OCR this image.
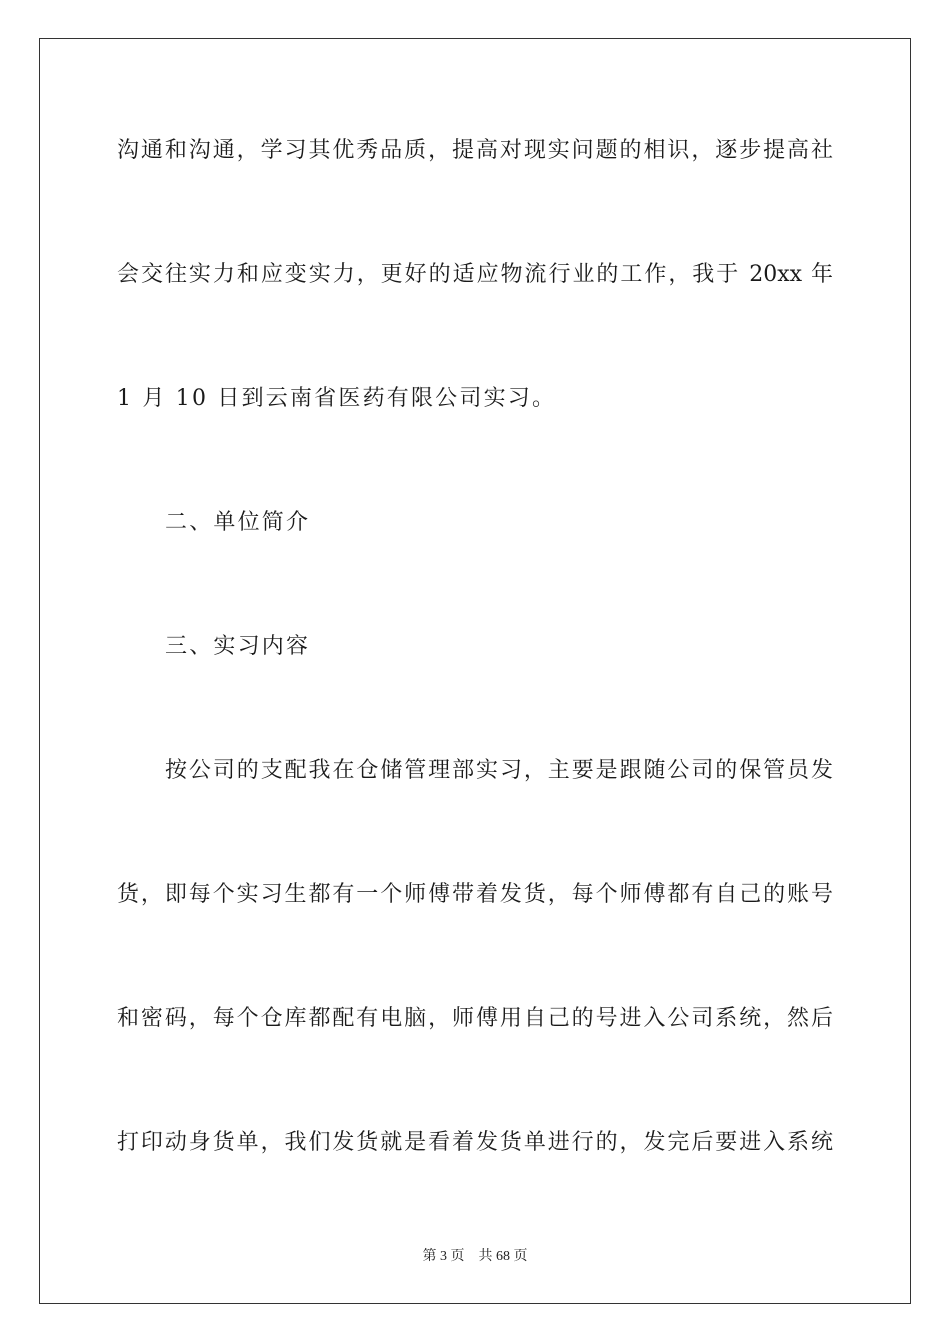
沟通和沟通，学习其优秀品质，提高对现实问题的相识，逐步提高社
会交往实力和应变实力，更好的适应物流行业的工作，我于 20xx 年
1 月 10 日到云南省医药有限公司实习。
二、单位简介
三、实习内容
按公司的支配我在仓储管理部实习，主要是跟随公司的保管员发
货，即每个实习生都有一个师傅带着发货，每个师傅都有自己的账号
和密码，每个仓库都配有电脑，师傅用自己的号进入公司系统，然后
打印动身货单，我们发货就是看着发货单进行的，发完后要进入系统
第 3 页　共 68 页
